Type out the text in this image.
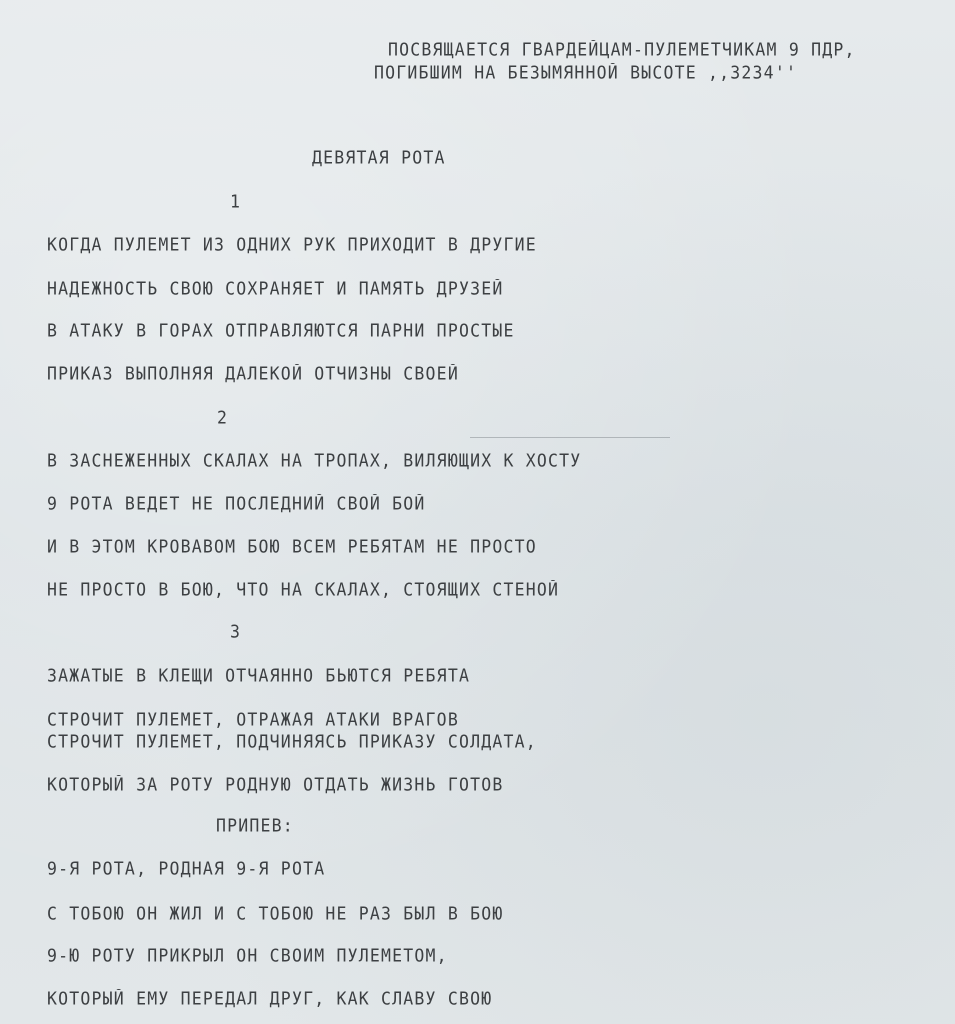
ПОСВЯЩАЕТСЯ ГВАРДЕЙЦАМ-ПУЛЕМЕТЧИКАМ 9 ПДР,
ПОГИБШИМ НА БЕЗЫМЯННОЙ ВЫСОТЕ ,,3234''
ДЕВЯТАЯ РОТА
1
КОГДА ПУЛЕМЕТ ИЗ ОДНИХ РУК ПРИХОДИТ В ДРУГИЕ
НАДЕЖНОСТЬ СВОЮ СОХРАНЯЕТ И ПАМЯТЬ ДРУЗЕЙ
В АТАКУ В ГОРАХ ОТПРАВЛЯЮТСЯ ПАРНИ ПРОСТЫЕ
ПРИКАЗ ВЫПОЛНЯЯ ДАЛЕКОЙ ОТЧИЗНЫ СВОЕЙ
2
В ЗАСНЕЖЕННЫХ СКАЛАХ НА ТРОПАХ, ВИЛЯЮЩИХ К ХОСТУ
9 РОТА ВЕДЕТ НЕ ПОСЛЕДНИЙ СВОЙ БОЙ
И В ЭТОМ КРОВАВОМ БОЮ ВСЕМ РЕБЯТАМ НЕ ПРОСТО
НЕ ПРОСТО В БОЮ, ЧТО НА СКАЛАХ, СТОЯЩИХ СТЕНОЙ
3
ЗАЖАТЫЕ В КЛЕЩИ ОТЧАЯННО БЬЮТСЯ РЕБЯТА
СТРОЧИТ ПУЛЕМЕТ, ОТРАЖАЯ АТАКИ ВРАГОВ
СТРОЧИТ ПУЛЕМЕТ, ПОДЧИНЯЯСЬ ПРИКАЗУ СОЛДАТА,
КОТОРЫЙ ЗА РОТУ РОДНУЮ ОТДАТЬ ЖИЗНЬ ГОТОВ
ПРИПЕВ:
9-Я РОТА, РОДНАЯ 9-Я РОТА
С ТОБОЮ ОН ЖИЛ И С ТОБОЮ НЕ РАЗ БЫЛ В БОЮ
9-Ю РОТУ ПРИКРЫЛ ОН СВОИМ ПУЛЕМЕТОМ,
КОТОРЫЙ ЕМУ ПЕРЕДАЛ ДРУГ, КАК СЛАВУ СВОЮ
